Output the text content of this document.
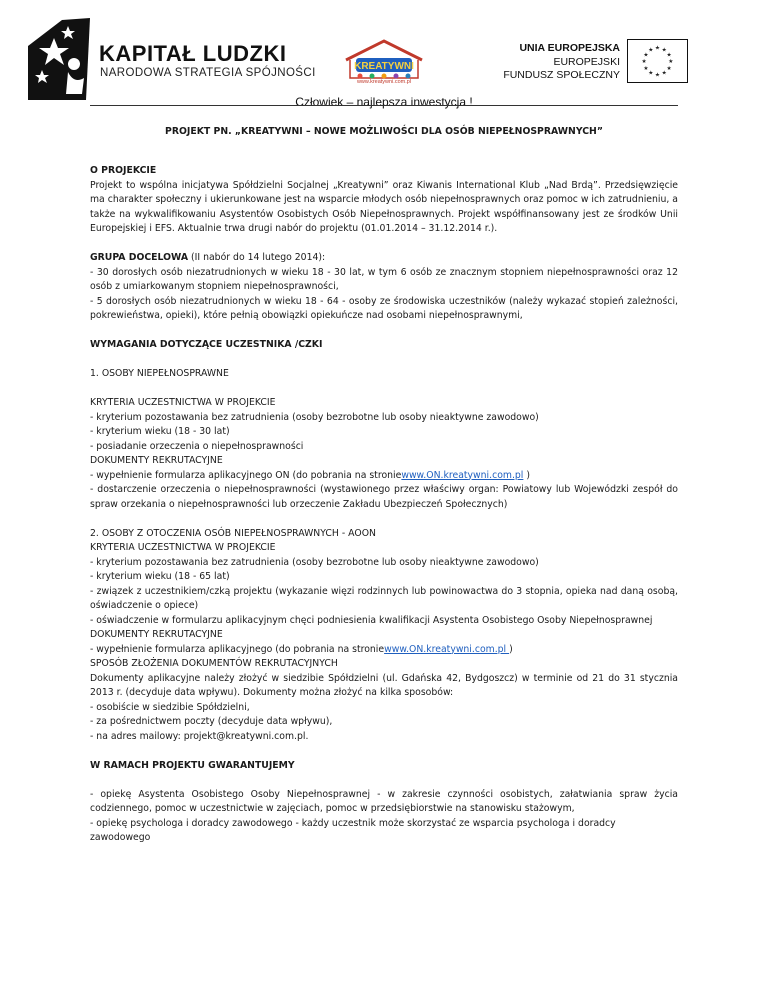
KAPITAŁ LUDZKI
NARODOWA STRATEGIA SPÓJNOŚCI
KREATYWNI
www.kreatywni.com.pl
UNIA EUROPEJSKA
EUROPEJSKI
FUNDUSZ SPOŁECZNY
★ ★
★
★
★
★
★
★
★
★
★
★
Człowiek – najlepsza inwestycja !

PROJEKT PN. „KREATYWNI – NOWE MOŻLIWOŚCI DLA OSÓB NIEPEŁNOSPRAWNYCH”

O PROJEKCIE

Projekt to wspólna inicjatywa Spółdzielni Socjalnej „Kreatywni” oraz Kiwanis International Klub „Nad Brdą”. Przedsięwzięcie ma charakter społeczny i ukierunkowane jest na wsparcie młodych osób niepełnosprawnych oraz pomoc w ich zatrudnieniu, a także na wykwalifikowaniu Asystentów Osobistych Osób Niepełnosprawnych. Projekt współfinansowany jest ze środków Unii Europejskiej i EFS. Aktualnie trwa drugi nabór do projektu (01.01.2014 – 31.12.2014 r.).

GRUPA DOCELOWA (II nabór do 14 lutego 2014):

- 30 dorosłych osób niezatrudnionych w wieku 18 - 30 lat, w tym 6 osób ze znacznym stopniem niepełnosprawności oraz 12 osób z umiarkowanym stopniem niepełnosprawności,

- 5 dorosłych osób niezatrudnionych w wieku 18 - 64 - osoby ze środowiska uczestników (należy wykazać stopień zależności, pokrewieństwa, opieki), które pełnią obowiązki opiekuńcze nad osobami niepełnosprawnymi,

WYMAGANIA DOTYCZĄCE UCZESTNIKA /CZKI

1. OSOBY NIEPEŁNOSPRAWNE

KRYTERIA UCZESTNICTWA W PROJEKCIE

- kryterium pozostawania bez zatrudnienia (osoby bezrobotne lub osoby nieaktywne zawodowo)

- kryterium wieku (18 - 30 lat)

- posiadanie orzeczenia o niepełnosprawności

DOKUMENTY REKRUTACYJNE

- wypełnienie formularza aplikacyjnego ON (do pobrania na stroniewww.ON.kreatywni.com.pl )

- dostarczenie orzeczenia o niepełnosprawności (wystawionego przez właściwy organ: Powiatowy lub Wojewódzki zespół do spraw orzekania o niepełnosprawności lub orzeczenie Zakładu Ubezpieczeń Społecznych)

2. OSOBY Z OTOCZENIA OSÓB NIEPEŁNOSPRAWNYCH - AOON

KRYTERIA UCZESTNICTWA W PROJEKCIE

- kryterium pozostawania bez zatrudnienia (osoby bezrobotne lub osoby nieaktywne zawodowo)

- kryterium wieku (18 - 65 lat)

- związek z uczestnikiem/czką projektu (wykazanie więzi rodzinnych lub powinowactwa do 3 stopnia, opieka nad daną osobą, oświadczenie o opiece)

- oświadczenie w formularzu aplikacyjnym chęci podniesienia kwalifikacji Asystenta Osobistego Osoby Niepełnosprawnej

DOKUMENTY REKRUTACYJNE

- wypełnienie formularza aplikacyjnego (do pobrania na stroniewww.ON.kreatywni.com.pl )

SPOSÓB ZŁOŻENIA DOKUMENTÓW REKRUTACYJNYCH

Dokumenty aplikacyjne należy złożyć w siedzibie Spółdzielni (ul. Gdańska 42, Bydgoszcz) w terminie od 21 do 31 stycznia 2013 r. (decyduje data wpływu). Dokumenty można złożyć na kilka sposobów:

- osobiście w siedzibie Spółdzielni,

- za pośrednictwem poczty (decyduje data wpływu),

- na adres mailowy: projekt@kreatywni.com.pl.

W RAMACH PROJEKTU GWARANTUJEMY

- opiekę Asystenta Osobistego Osoby Niepełnosprawnej - w zakresie czynności osobistych, załatwiania spraw życia codziennego, pomoc w uczestnictwie w zajęciach, pomoc w przedsiębiorstwie na stanowisku stażowym,

- opiekę psychologa i doradcy zawodowego - każdy uczestnik może skorzystać ze wsparcia psychologa i doradcy zawodowego
